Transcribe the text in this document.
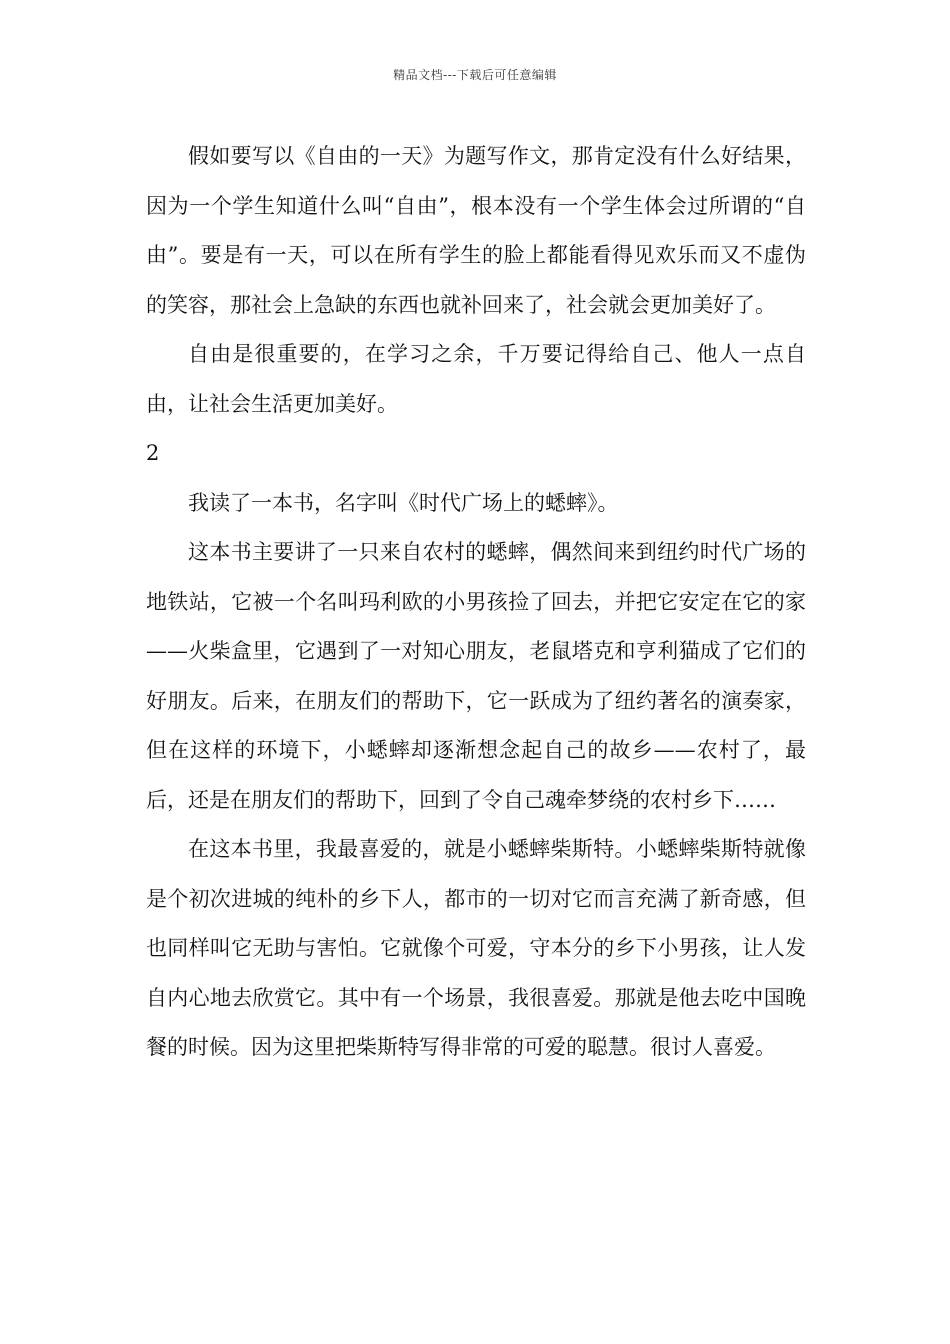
精品文档---下载后可任意编辑

假如要写以《自由的一天》为题写作文，那肯定没有什么好结果，因为一个学生知道什么叫“自由”，根本没有一个学生体会过所谓的“自由”。要是有一天，可以在所有学生的脸上都能看得见欢乐而又不虚伪的笑容，那社会上急缺的东西也就补回来了，社会就会更加美好了。

自由是很重要的，在学习之余，千万要记得给自己、他人一点自由，让社会生活更加美好。

2

我读了一本书，名字叫《时代广场上的蟋蟀》。

这本书主要讲了一只来自农村的蟋蟀，偶然间来到纽约时代广场的地铁站，它被一个名叫玛利欧的小男孩捡了回去，并把它安定在它的家——火柴盒里，它遇到了一对知心朋友，老鼠塔克和亨利猫成了它们的好朋友。后来，在朋友们的帮助下，它一跃成为了纽约著名的演奏家，但在这样的环境下，小蟋蟀却逐渐想念起自己的故乡——农村了，最后，还是在朋友们的帮助下，回到了令自己魂牵梦绕的农村乡下……

在这本书里，我最喜爱的，就是小蟋蟀柴斯特。小蟋蟀柴斯特就像是个初次进城的纯朴的乡下人，都市的一切对它而言充满了新奇感，但也同样叫它无助与害怕。它就像个可爱，守本分的乡下小男孩，让人发自内心地去欣赏它。其中有一个场景，我很喜爱。那就是他去吃中国晚餐的时候。因为这里把柴斯特写得非常的可爱的聪慧。很讨人喜爱。
